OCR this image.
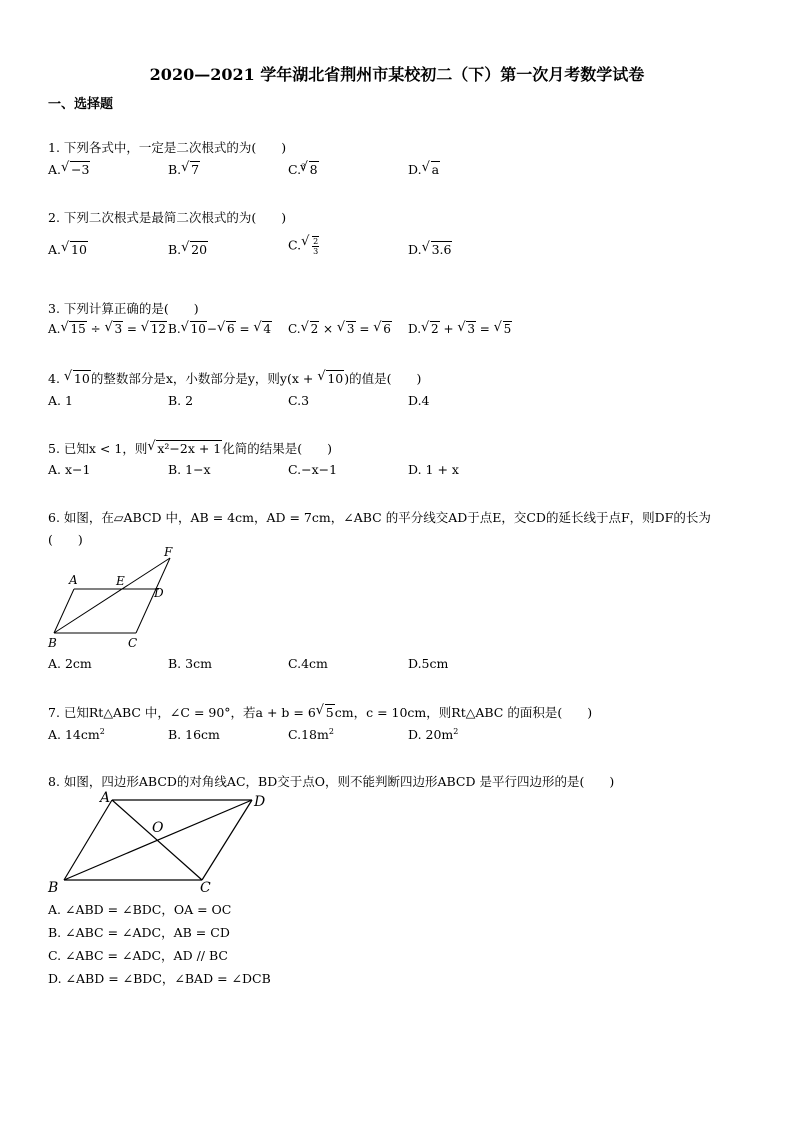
2020—2021 学年湖北省荆州市某校初二（下）第一次月考数学试卷
一、选择题
1. 下列各式中，一定是二次根式的为(　　)
A. √ −3	B. √ 7	C.$^3$ √ 8	D. √ a
2. 下列二次根式是最简二次根式的为(　　)
A. √ 10	B. √ 20	C. √ $\frac{2}{3}$	D. √ 3.6
3. 下列计算正确的是(　　)
A. √ 15 ÷ √ 3 = √ 12 B. √ 10− √ 6 = √ 4 C. √ 2 × √ 3 = √ 6 D. √ 2 + √ 3 = √ 5
4. √ 10的整数部分是x，小数部分是y，则y(x + √ 10)的值是(　　)
A. 1	B. 2	C.3	D.4
5. 已知x < 1，则 √ x²−2x + 1化简的结果是(　　)
A. x−1	B. 1−x	C.−x−1	D. 1 + x
6. 如图，在▱ABCD 中，AB = 4cm，AD = 7cm，∠ABC 的平分线交AD于点E，交CD的延长线于点F，则DF的长为
(　　)
A	E
D
F
B	C
A. 2cm	B. 3cm	C.4cm	D.5cm
7. 已知Rt△ABC 中，∠C = 90°，若a + b = 6 √ 5cm，c = 10cm，则Rt△ABC 的面积是(　　)
A. $14cm^2$	B. 16cm	$C.18m^2$	D. $20m^2$
8. 如图，四边形ABCD的对角线AC，BD交于点O，则不能判断四边形ABCD 是平行四边形的是(　　)
A	D
O
B	C
A. ∠ABD = ∠BDC，OA = OC
B. ∠ABC = ∠ADC，AB = CD
C. ∠ABC = ∠ADC，AD // BC
D. ∠ABD = ∠BDC，∠BAD = ∠DCB
